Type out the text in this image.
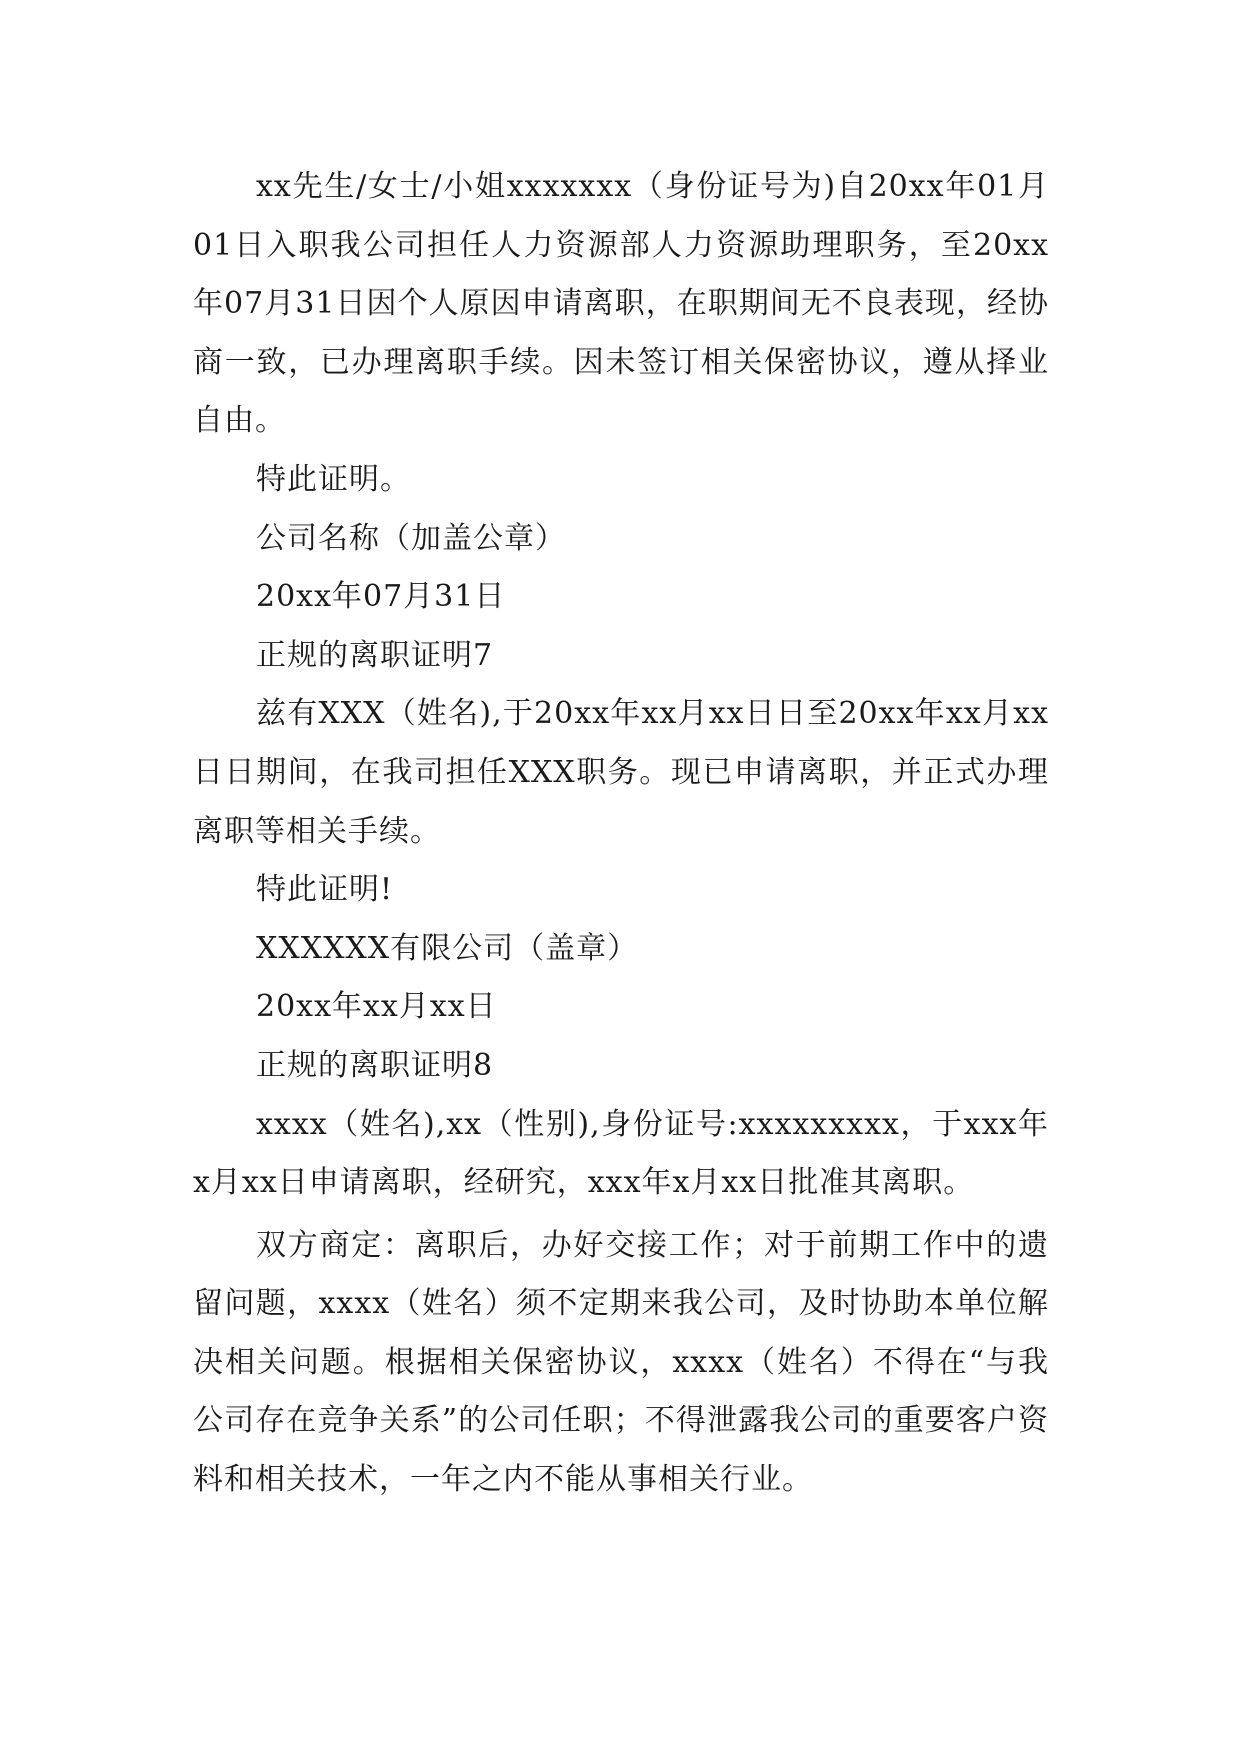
xx先生/女士/小姐xxxxxxx（身份证号为)自20xx年01月01日入职我公司担任人力资源部人力资源助理职务，至20xx年07月31日因个人原因申请离职，在职期间无不良表现，经协商一致，已办理离职手续。因未签订相关保密协议，遵从择业自由。

特此证明。

公司名称（加盖公章）

20xx年07月31日

正规的离职证明7

兹有XXX（姓名),于20xx年xx月xx日日至20xx年xx月xx日日期间，在我司担任XXX职务。现已申请离职，并正式办理离职等相关手续。

特此证明!

XXXXXX有限公司（盖章）

20xx年xx月xx日

正规的离职证明8

xxxx（姓名),xx（性别),身份证号:xxxxxxxxx，于xxx年x月xx日申请离职，经研究，xxx年x月xx日批准其离职。

双方商定：离职后，办好交接工作；对于前期工作中的遗留问题，xxxx（姓名）须不定期来我公司，及时协助本单位解决相关问题。根据相关保密协议，xxxx（姓名）不得在“与我公司存在竞争关系”的公司任职；不得泄露我公司的重要客户资料和相关技术，一年之内不能从事相关行业。
